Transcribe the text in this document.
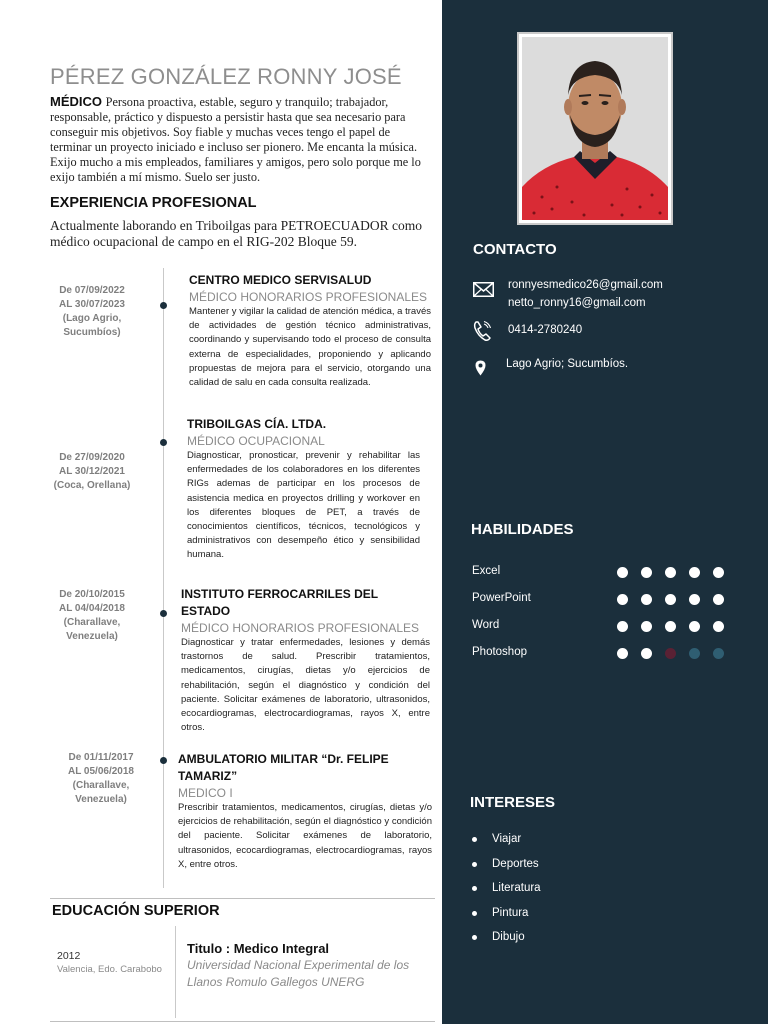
PÉREZ GONZÁLEZ RONNY JOSÉ
MÉDICO Persona proactiva, estable, seguro y tranquilo; trabajador, responsable, práctico y dispuesto a persistir hasta que sea necesario para conseguir mis objetivos. Soy fiable y muchas veces tengo el papel de terminar un proyecto iniciado e incluso ser pionero. Me encanta la música. Exijo mucho a mis empleados, familiares y amigos, pero solo porque me lo exijo también a mí mismo. Suelo ser justo.
EXPERIENCIA PROFESIONAL
Actualmente laborando en Triboilgas para PETROECUADOR como médico ocupacional de campo en el RIG-202 Bloque 59.
De 07/09/2022
AL 30/07/2023
(Lago Agrio, Sucumbíos)
CENTRO MEDICO SERVISALUD
MÉDICO HONORARIOS PROFESIONALES
Mantener y vigilar la calidad de atención médica, a través de actividades de gestión técnico administrativas, coordinando y supervisando todo el proceso de consulta externa de especialidades, proponiendo y aplicando propuestas de mejora para el servicio, otorgando una calidad de salu en cada consulta realizada.
De 27/09/2020
AL 30/12/2021
(Coca, Orellana)
TRIBOILGAS CÍA. LTDA.
MÉDICO OCUPACIONAL
Diagnosticar, pronosticar, prevenir y rehabilitar las enfermedades de los colaboradores en los diferentes RIGs ademas de participar en los procesos de asistencia medica en proyectos drilling y workover en los diferentes bloques de PET, a través de conocimientos científicos, técnicos, tecnológicos y administrativos con desempeño ético y sensibilidad humana.
De 20/10/2015
AL 04/04/2018
(Charallave, Venezuela)
INSTITUTO FERROCARRILES DEL ESTADO
MÉDICO HONORARIOS PROFESIONALES
Diagnosticar y tratar enfermedades, lesiones y demás trastornos de salud. Prescribir tratamientos, medicamentos, cirugías, dietas y/o ejercicios de rehabilitación, según el diagnóstico y condición del paciente. Solicitar exámenes de laboratorio, ultrasonidos, ecocardiogramas, electrocardiogramas, rayos X, entre otros.
De 01/11/2017
AL 05/06/2018
(Charallave, Venezuela)
AMBULATORIO MILITAR “Dr. FELIPE TAMARIZ”
MEDICO I
Prescribir tratamientos, medicamentos, cirugías, dietas y/o ejercicios de rehabilitación, según el diagnóstico y condición del paciente. Solicitar exámenes de laboratorio, ultrasonidos, ecocardiogramas, electrocardiogramas, rayos X, entre otros.
EDUCACIÓN SUPERIOR
2012
Valencia, Edo. Carabobo
Titulo : Medico Integral
Universidad Nacional Experimental de los Llanos Romulo Gallegos UNERG
CONTACTO
ronnyesmedico26@gmail.com
netto_ronny16@gmail.com
0414-2780240
Lago Agrio; Sucumbíos.
HABILIDADES
Excel
PowerPoint
Word
Photoshop
INTERESES
Viajar
Deportes
Literatura
Pintura
Dibujo
